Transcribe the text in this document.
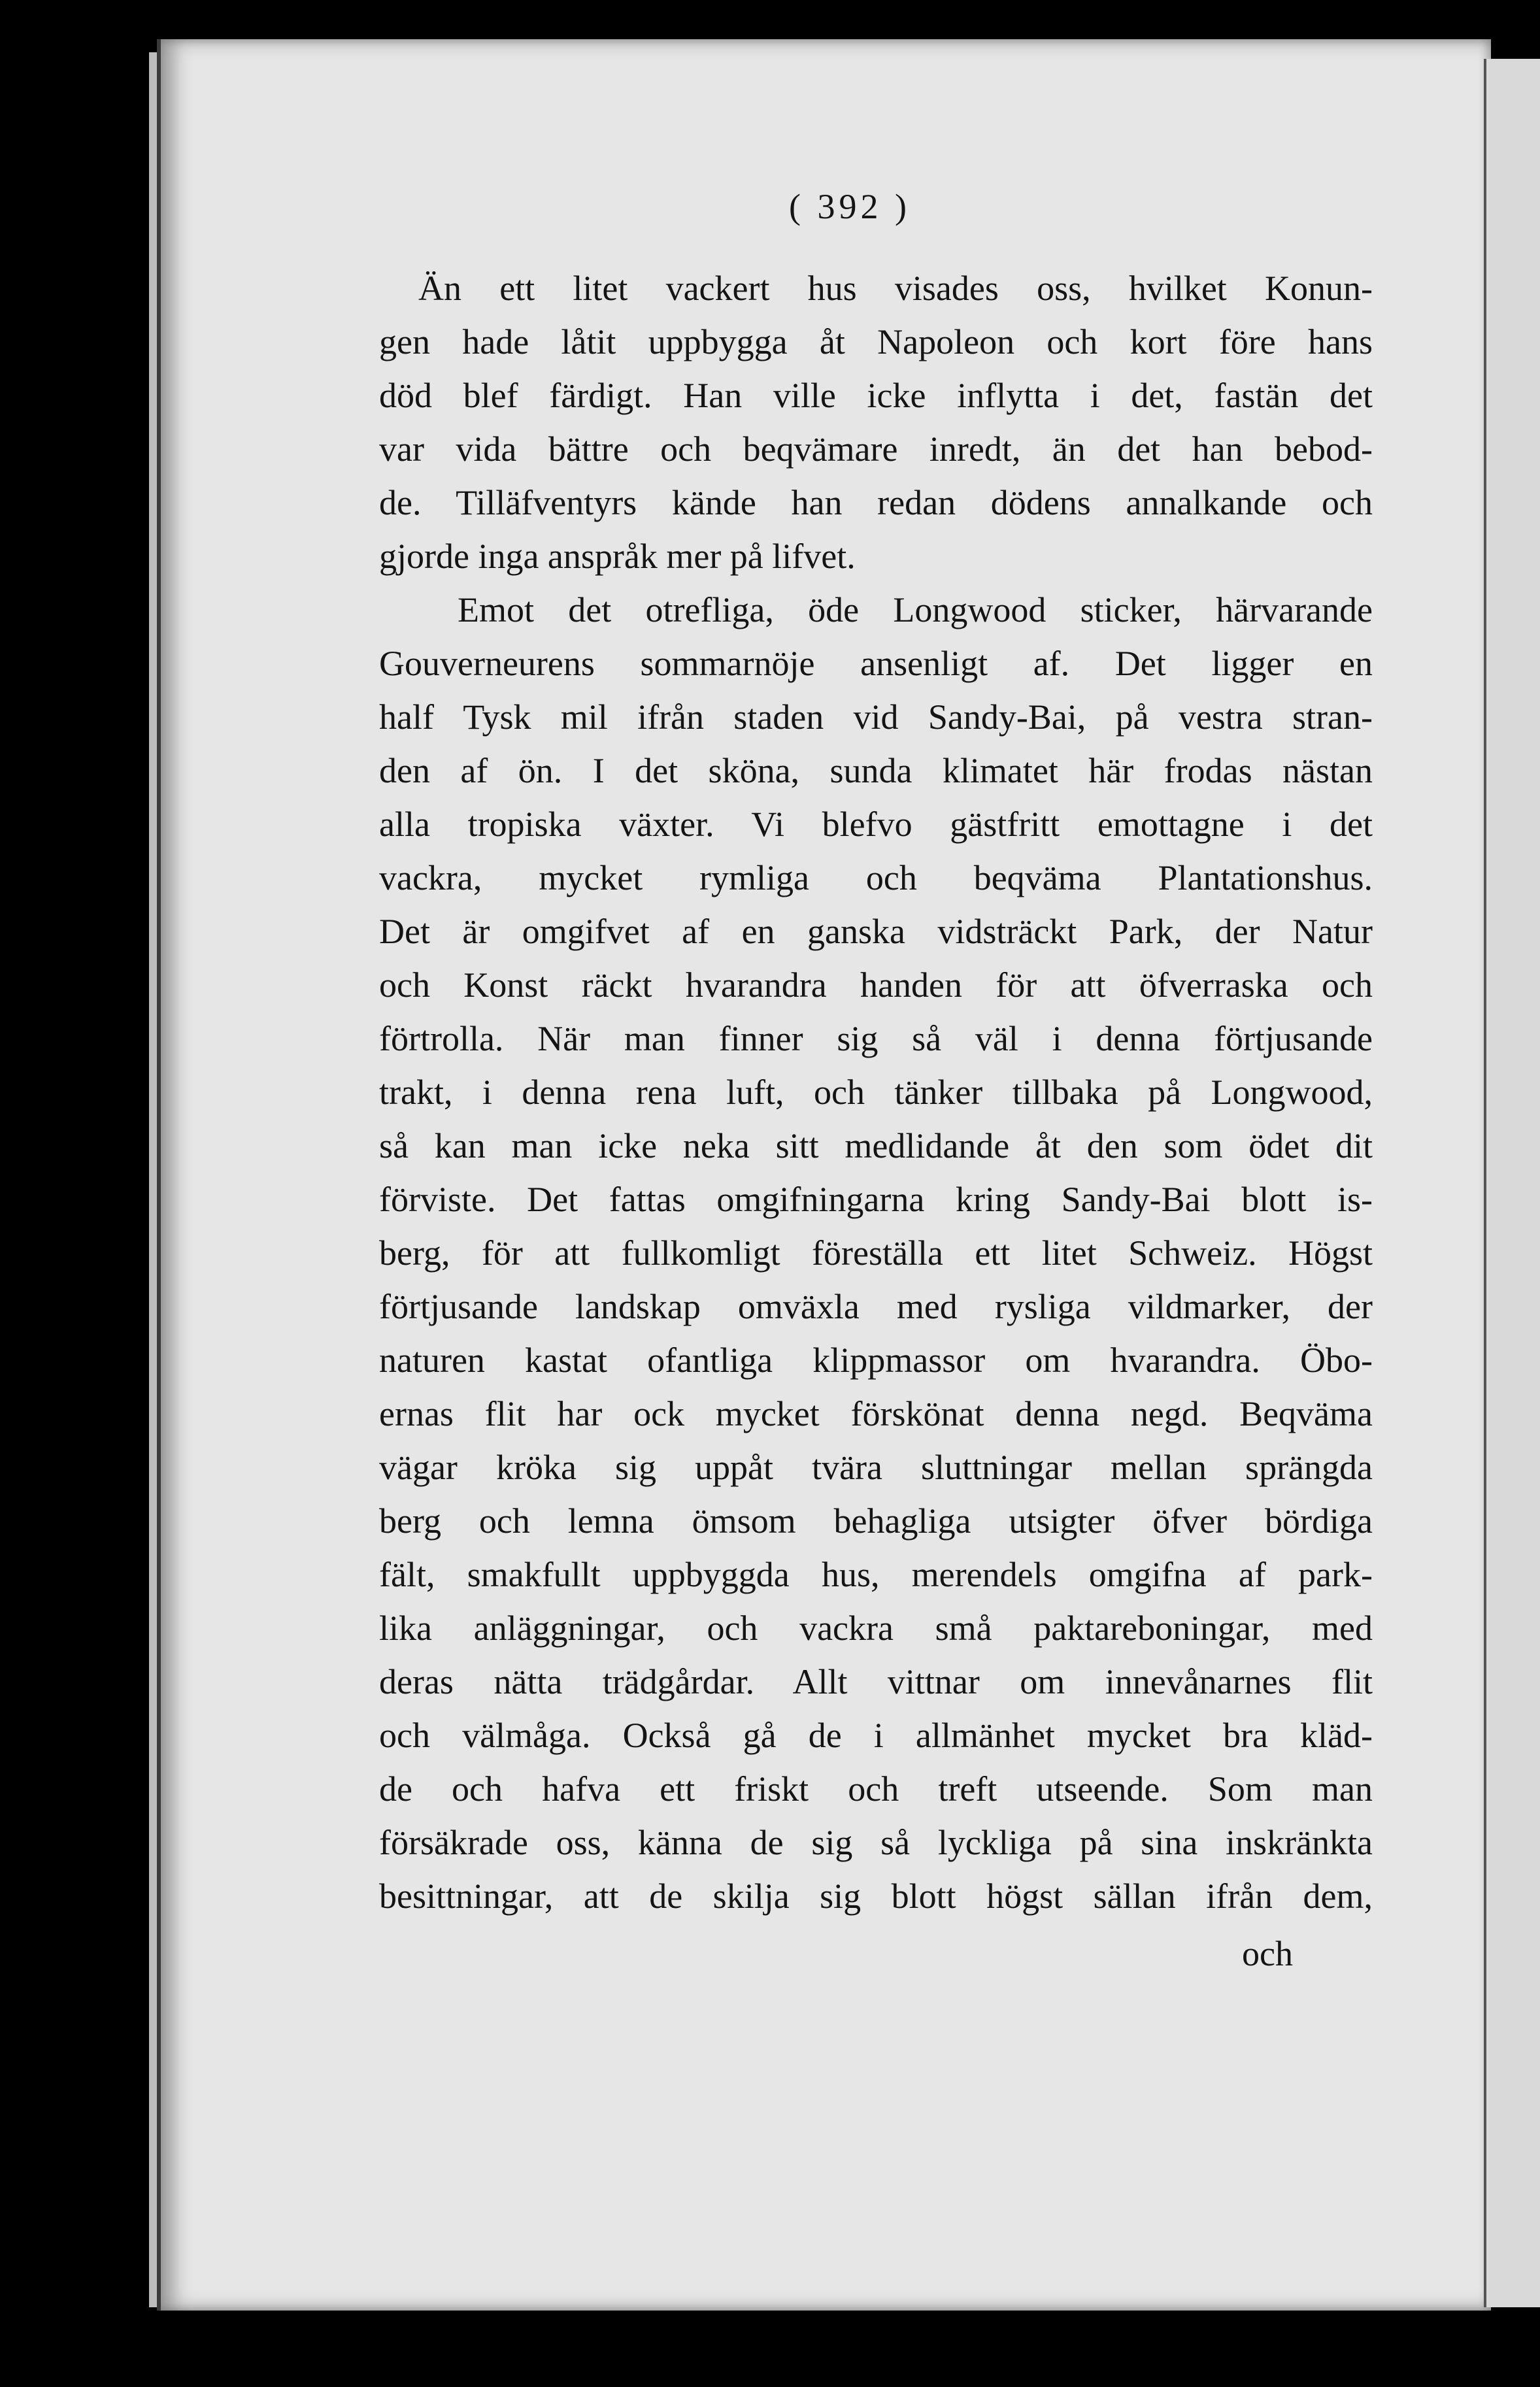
( 392 )
Än ett litet vackert hus visades oss, hvilket Konun-
gen hade låtit uppbygga åt Napoleon och kort före hans
död blef färdigt. Han ville icke inflytta i det, fastän det
var vida bättre och beqvämare inredt, än det han bebod-
de. Tilläfventyrs kände han redan dödens annalkande och
gjorde inga anspråk mer på lifvet.
Emot det otrefliga, öde Longwood sticker, härvarande
Gouverneurens sommarnöje ansenligt af. Det ligger en
half Tysk mil ifrån staden vid Sandy-Bai, på vestra stran-
den af ön. I det sköna, sunda klimatet här frodas nästan
alla tropiska växter. Vi blefvo gästfritt emottagne i det
vackra, mycket rymliga och beqväma Plantationshus.
Det är omgifvet af en ganska vidsträckt Park, der Natur
och Konst räckt hvarandra handen för att öfverraska och
förtrolla. När man finner sig så väl i denna förtjusande
trakt, i denna rena luft, och tänker tillbaka på Longwood,
så kan man icke neka sitt medlidande åt den som ödet dit
förviste. Det fattas omgifningarna kring Sandy-Bai blott is-
berg, för att fullkomligt föreställa ett litet Schweiz. Högst
förtjusande landskap omväxla med rysliga vildmarker, der
naturen kastat ofantliga klippmassor om hvarandra. Öbo-
ernas flit har ock mycket förskönat denna negd. Beqväma
vägar kröka sig uppåt tvära sluttningar mellan sprängda
berg och lemna ömsom behagliga utsigter öfver bördiga
fält, smakfullt uppbyggda hus, merendels omgifna af park-
lika anläggningar, och vackra små paktareboningar, med
deras nätta trädgårdar. Allt vittnar om innevånarnes flit
och välmåga. Också gå de i allmänhet mycket bra kläd-
de och hafva ett friskt och treft utseende. Som man
försäkrade oss, känna de sig så lyckliga på sina inskränkta
besittningar, att de skilja sig blott högst sällan ifrån dem,
och
